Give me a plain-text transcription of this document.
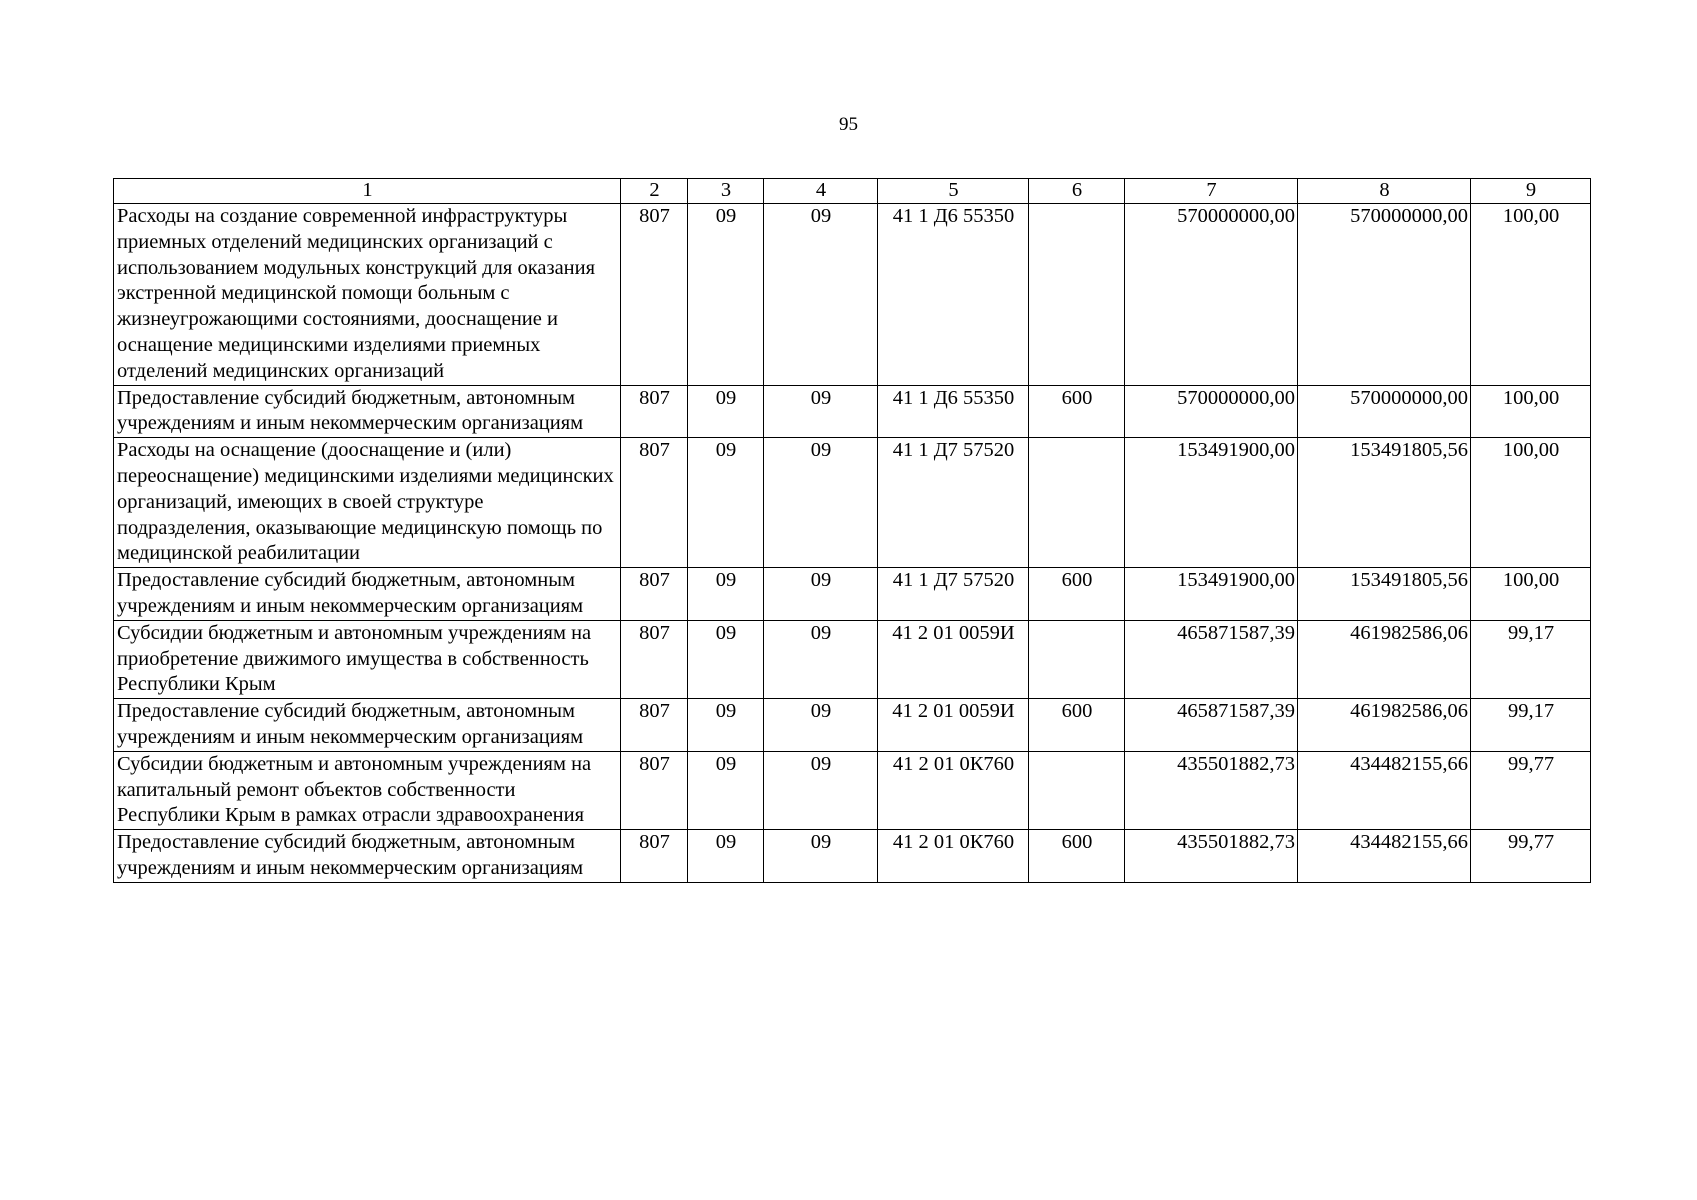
95
1	2	3	4	5	6	7	8	9
Расходы на создание современной инфраструктуры приемных отделений медицинских организаций с использованием модульных конструкций для оказания экстренной медицинской помощи больным с жизнеугрожающими состояниями, дооснащение и оснащение медицинскими изделиями приемных отделений медицинских организаций	807	09	09	41 1 Д6 55350		570000000,00	570000000,00	100,00
Предоставление субсидий бюджетным, автономным учреждениям и иным некоммерческим организациям	807	09	09	41 1 Д6 55350	600	570000000,00	570000000,00	100,00
Расходы на оснащение (дооснащение и (или) переоснащение) медицинскими изделиями медицинских организаций, имеющих в своей структуре подразделения, оказывающие медицинскую помощь по медицинской реабилитации	807	09	09	41 1 Д7 57520		153491900,00	153491805,56	100,00
Предоставление субсидий бюджетным, автономным учреждениям и иным некоммерческим организациям	807	09	09	41 1 Д7 57520	600	153491900,00	153491805,56	100,00
Субсидии бюджетным и автономным учреждениям на приобретение движимого имущества в собственность Республики Крым	807	09	09	41 2 01 0059И		465871587,39	461982586,06	99,17
Предоставление субсидий бюджетным, автономным учреждениям и иным некоммерческим организациям	807	09	09	41 2 01 0059И	600	465871587,39	461982586,06	99,17
Субсидии бюджетным и автономным учреждениям на капитальный ремонт объектов собственности Республики Крым в рамках отрасли здравоохранения	807	09	09	41 2 01 0К760		435501882,73	434482155,66	99,77
Предоставление субсидий бюджетным, автономным учреждениям и иным некоммерческим организациям	807	09	09	41 2 01 0К760	600	435501882,73	434482155,66	99,77
